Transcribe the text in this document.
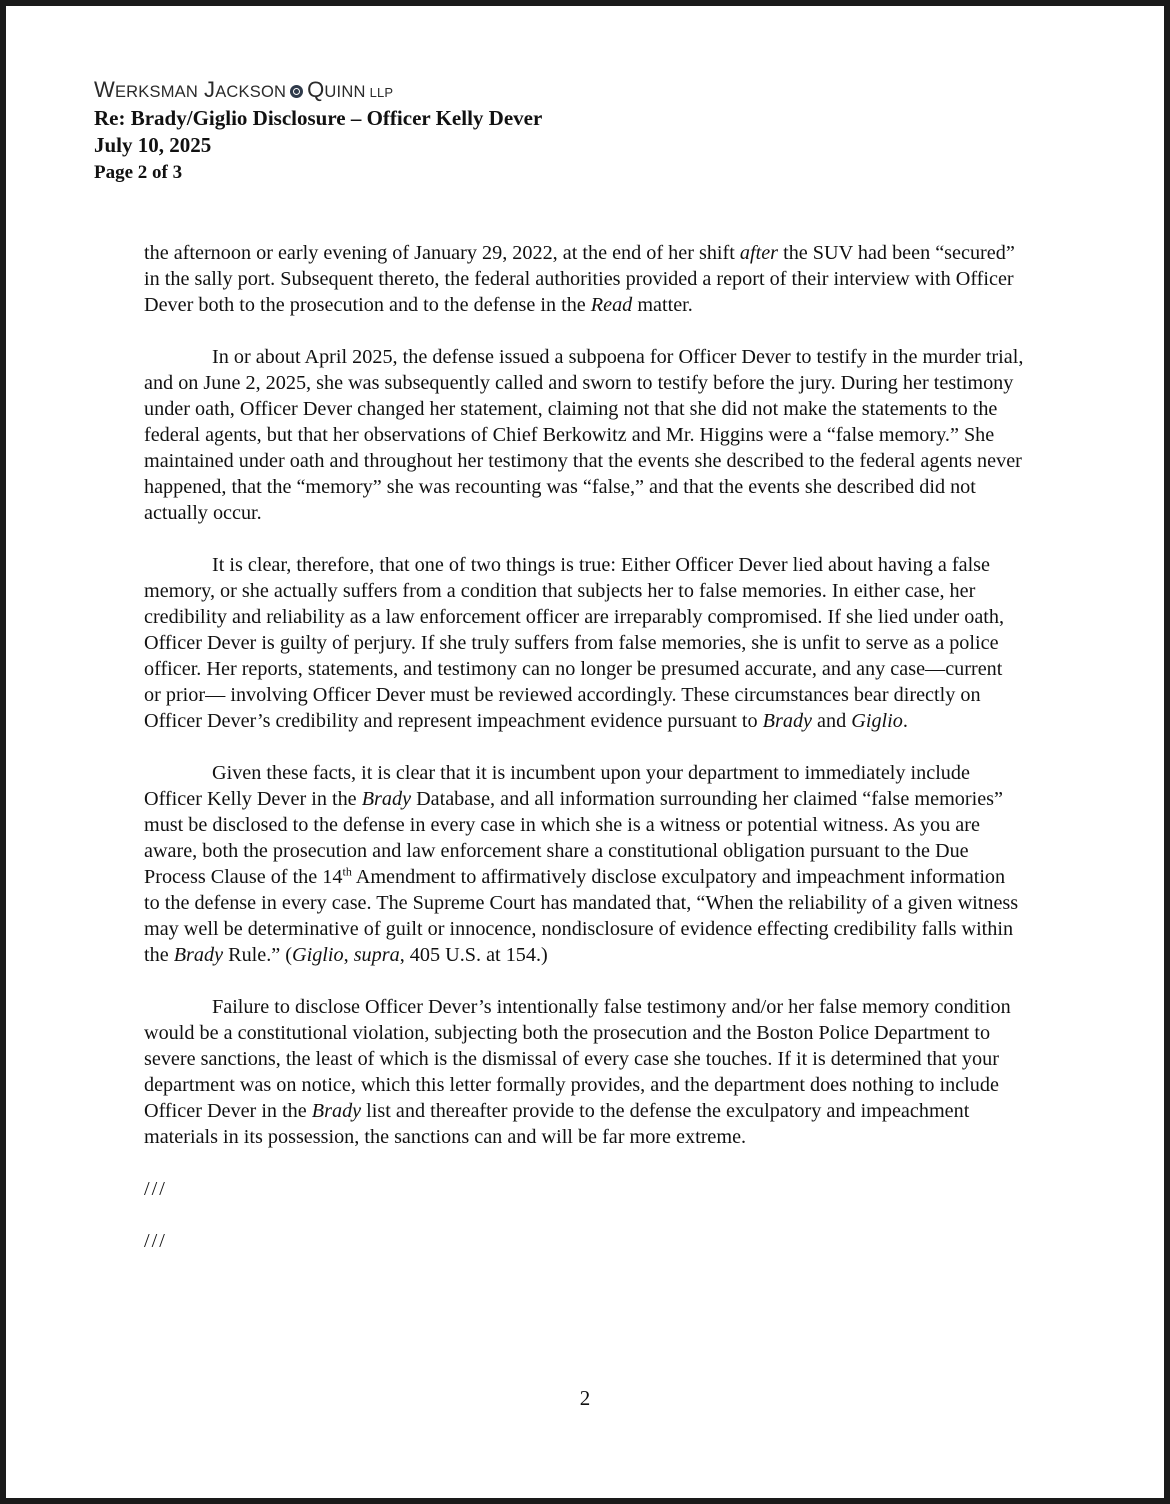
W ERKSMAN
J ACKSON Q UINN LLP
Re: Brady/Giglio Disclosure – Officer Kelly Dever
July 10, 2025
Page 2 of 3

the afternoon or early evening of January 29, 2022, at the end of her shift after the SUV had been “secured” in the sally port. Subsequent thereto, the federal authorities provided a report of their interview with Officer Dever both to the prosecution and to the defense in the Read matter.

In or about April 2025, the defense issued a subpoena for Officer Dever to testify in the murder trial, and on June 2, 2025, she was subsequently called and sworn to testify before the jury. During her testimony under oath, Officer Dever changed her statement, claiming not that she did not make the statements to the federal agents, but that her observations of Chief Berkowitz and Mr. Higgins were a “false memory.” She maintained under oath and throughout her testimony that the events she described to the federal agents never happened, that the “memory” she was recounting was “false,” and that the events she described did not actually occur.

It is clear, therefore, that one of two things is true: Either Officer Dever lied about having a false memory, or she actually suffers from a condition that subjects her to false memories. In either case, her credibility and reliability as a law enforcement officer are irreparably compromised. If she lied under oath, Officer Dever is guilty of perjury. If she truly suffers from false memories, she is unfit to serve as a police officer. Her reports, statements, and testimony can no longer be presumed accurate, and any case—current or prior— involving Officer Dever must be reviewed accordingly. These circumstances bear directly on Officer Dever’s credibility and represent impeachment evidence pursuant to Brady and Giglio.

Given these facts, it is clear that it is incumbent upon your department to immediately include Officer Kelly Dever in the Brady Database, and all information surrounding her claimed “false memories” must be disclosed to the defense in every case in which she is a witness or potential witness. As you are aware, both the prosecution and law enforcement share a constitutional obligation pursuant to the Due Process Clause of the 14th Amendment to affirmatively disclose exculpatory and impeachment information to the defense in every case. The Supreme Court has mandated that, “When the reliability of a given witness may well be determinative of guilt or innocence, nondisclosure of evidence effecting credibility falls within the Brady Rule.” (Giglio, supra, 405 U.S. at 154.)

Failure to disclose Officer Dever’s intentionally false testimony and/or her false memory condition would be a constitutional violation, subjecting both the prosecution and the Boston Police Department to severe sanctions, the least of which is the dismissal of every case she touches. If it is determined that your department was on notice, which this letter formally provides, and the department does nothing to include Officer Dever in the Brady list and thereafter provide to the defense the exculpatory and impeachment materials in its possession, the sanctions can and will be far more extreme.

///
///
2
